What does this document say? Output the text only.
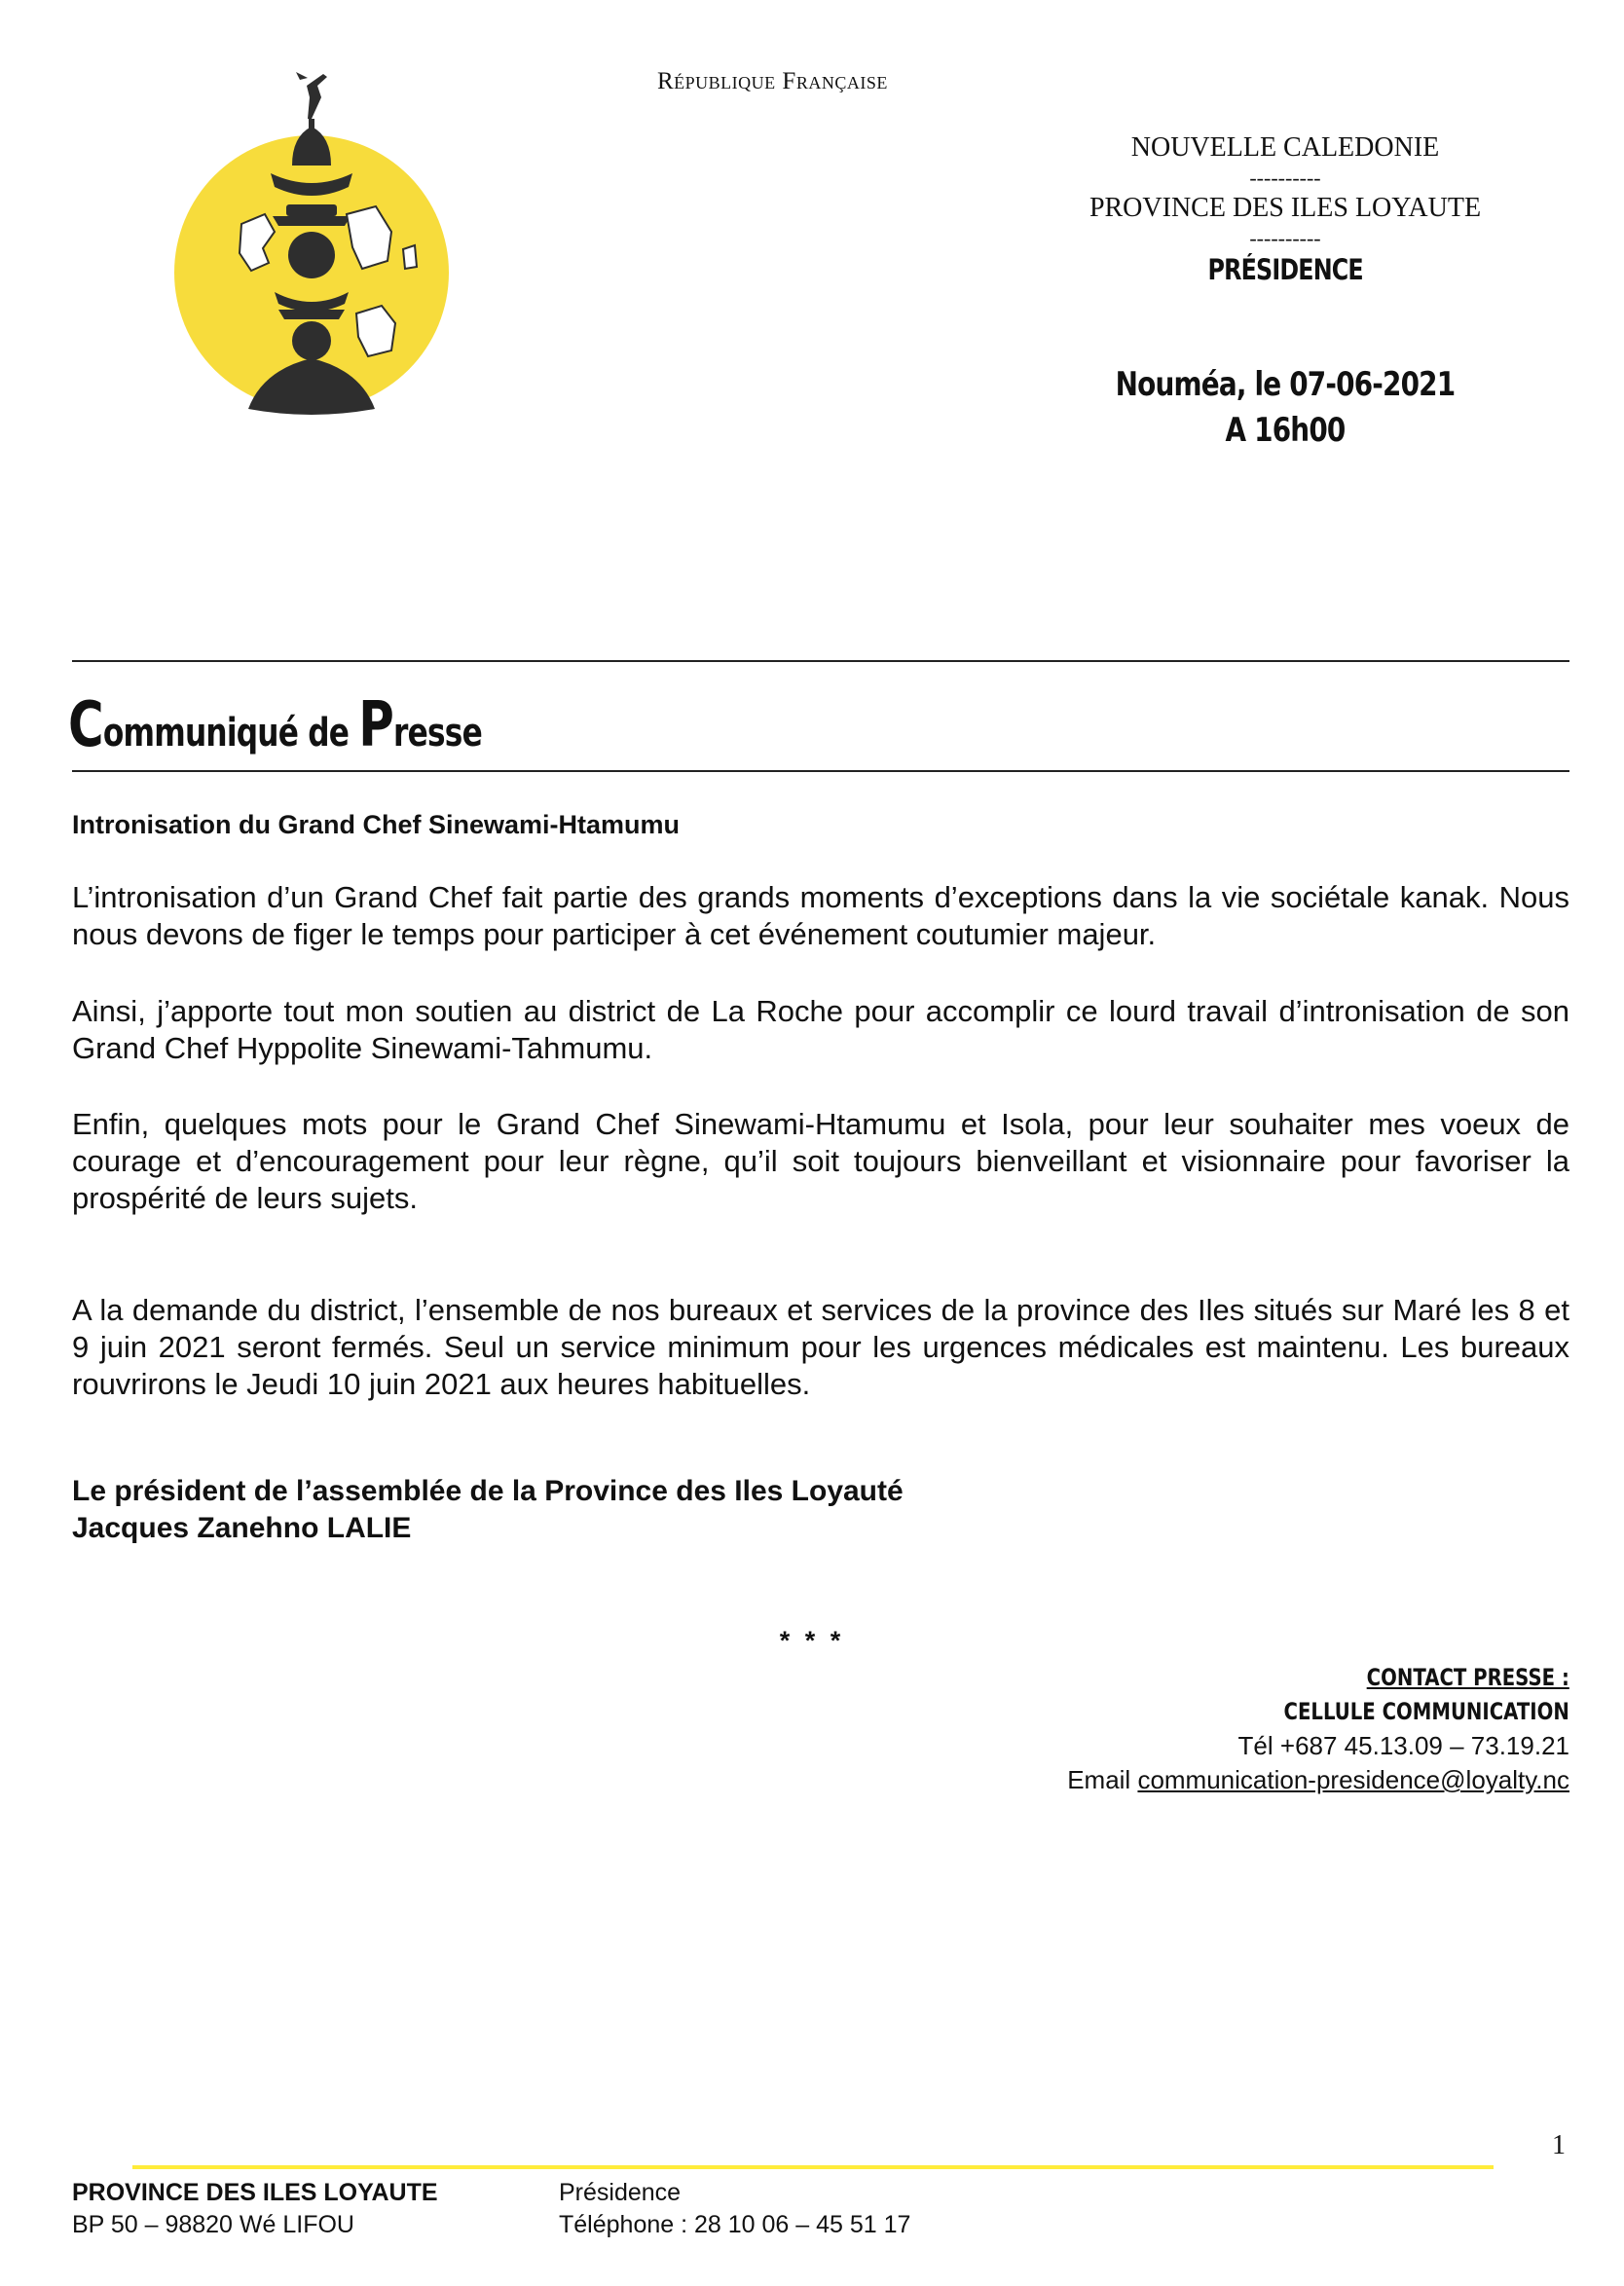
République Française
NOUVELLE CALEDONIE
----------
PROVINCE DES ILES LOYAUTE
----------
PRÉSIDENCE
Nouméa, le 07-06-2021
A 16h00
Communiqué de Presse
Intronisation du Grand Chef Sinewami-Htamumu
L’intronisation d’un Grand Chef fait partie des grands moments d’exceptions dans la vie sociétale kanak. Nous nous devons de figer le temps pour participer à cet événement coutumier majeur.
Ainsi, j’apporte tout mon soutien au district de La Roche pour accomplir ce lourd travail d’intronisation de son Grand Chef Hyppolite Sinewami-Tahmumu.
Enfin, quelques mots pour le Grand Chef Sinewami-Htamumu et Isola, pour leur souhaiter mes voeux de courage et d’encouragement pour leur règne, qu’il soit toujours bienveillant et visionnaire pour favoriser la prospérité de leurs sujets.
A la demande du district, l’ensemble de nos bureaux et services de la province des Iles situés sur Maré les 8 et 9 juin 2021 seront fermés. Seul un service minimum pour les urgences médicales est maintenu. Les bureaux rouvrirons le Jeudi 10 juin 2021 aux heures habituelles.
Le président de l’assemblée de la Province des Iles Loyauté
Jacques Zanehno LALIE
* * *
CONTACT PRESSE :
CELLULE COMMUNICATION
Tél +687 45.13.09 – 73.19.21
Email communication-presidence@loyalty.nc
1
PROVINCE DES ILES LOYAUTE
BP 50 – 98820 Wé LIFOU
Présidence
Téléphone : 28 10 06 – 45 51 17
